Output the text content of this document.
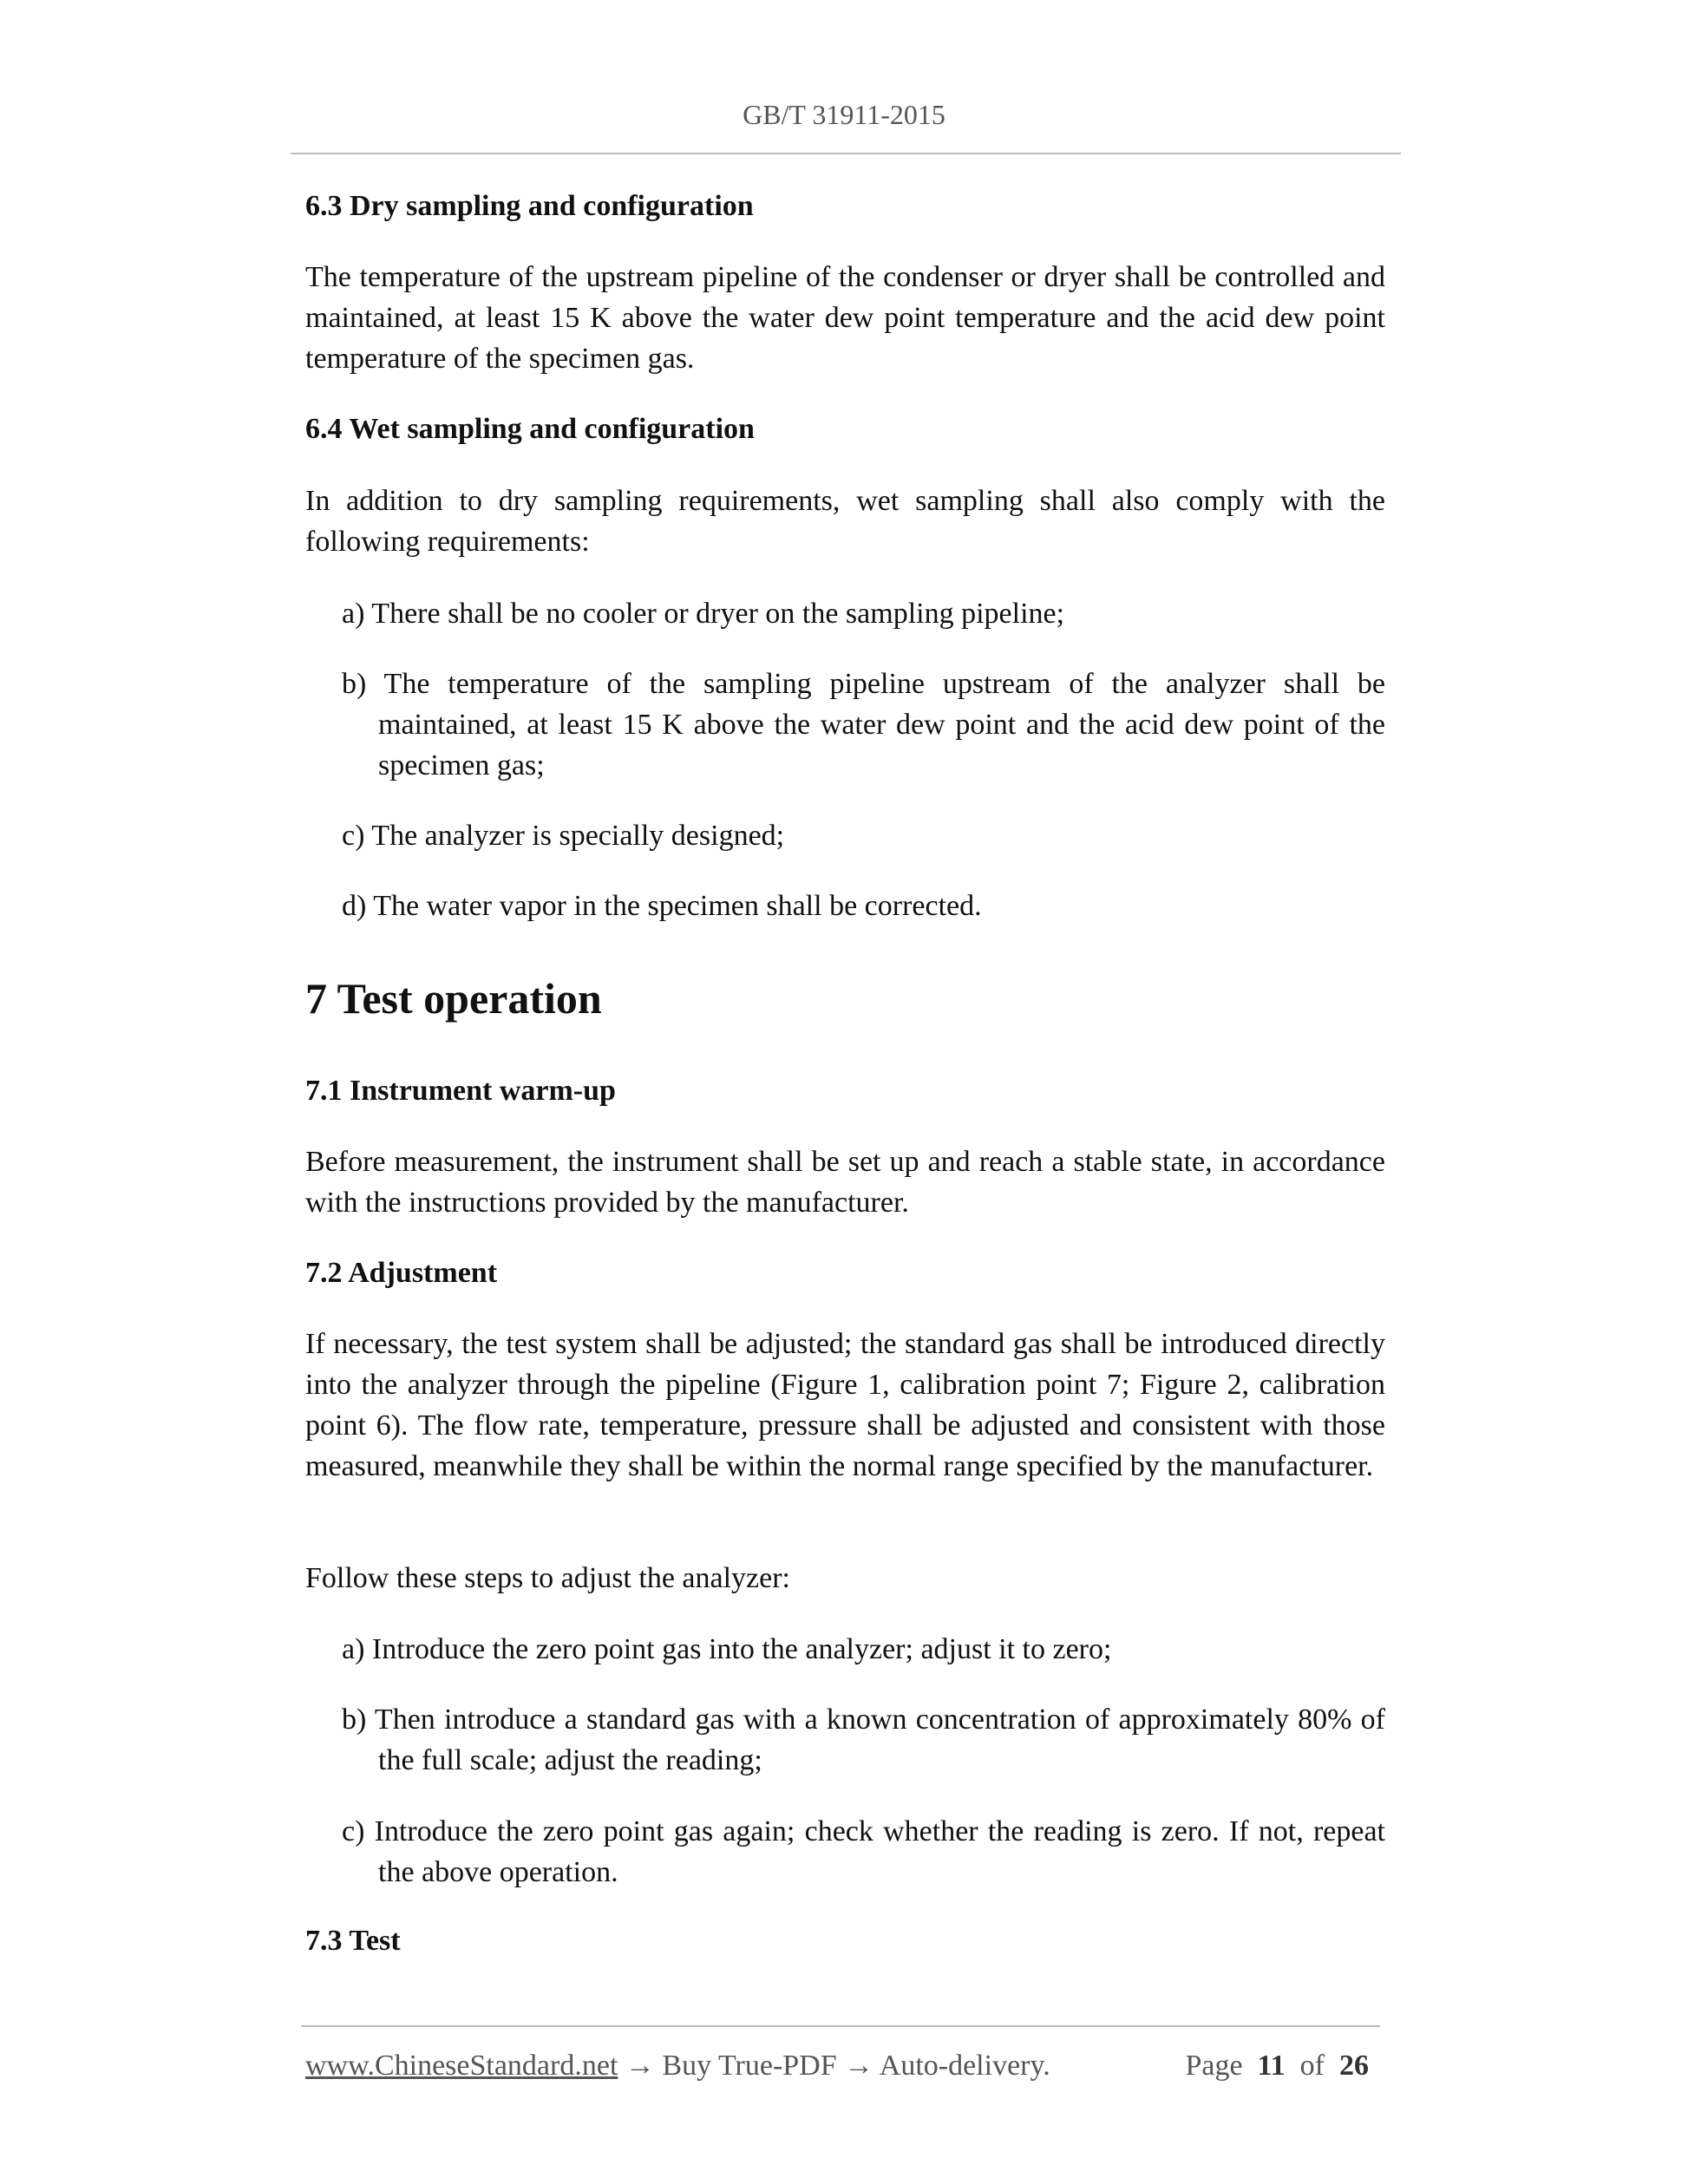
GB/T 31911-2015
6.3 Dry sampling and configuration
The temperature of the upstream pipeline of the condenser or dryer shall be controlled and maintained, at least 15 K above the water dew point temperature and the acid dew point temperature of the specimen gas.
6.4 Wet sampling and configuration
In addition to dry sampling requirements, wet sampling shall also comply with the following requirements:
a) There shall be no cooler or dryer on the sampling pipeline;
b) The temperature of the sampling pipeline upstream of the analyzer shall be maintained, at least 15 K above the water dew point and the acid dew point of the specimen gas;
c) The analyzer is specially designed;
d) The water vapor in the specimen shall be corrected.
7 Test operation
7.1 Instrument warm-up
Before measurement, the instrument shall be set up and reach a stable state, in accordance with the instructions provided by the manufacturer.
7.2 Adjustment
If necessary, the test system shall be adjusted; the standard gas shall be introduced directly into the analyzer through the pipeline (Figure 1, calibration point 7; Figure 2, calibration point 6). The flow rate, temperature, pressure shall be adjusted and consistent with those measured, meanwhile they shall be within the normal range specified by the manufacturer.
Follow these steps to adjust the analyzer:
a) Introduce the zero point gas into the analyzer; adjust it to zero;
b) Then introduce a standard gas with a known concentration of approximately 80% of the full scale; adjust the reading;
c) Introduce the zero point gas again; check whether the reading is zero. If not, repeat the above operation.
7.3 Test
www.ChineseStandard.net → Buy True-PDF → Auto-delivery.	Page 11 of 26
